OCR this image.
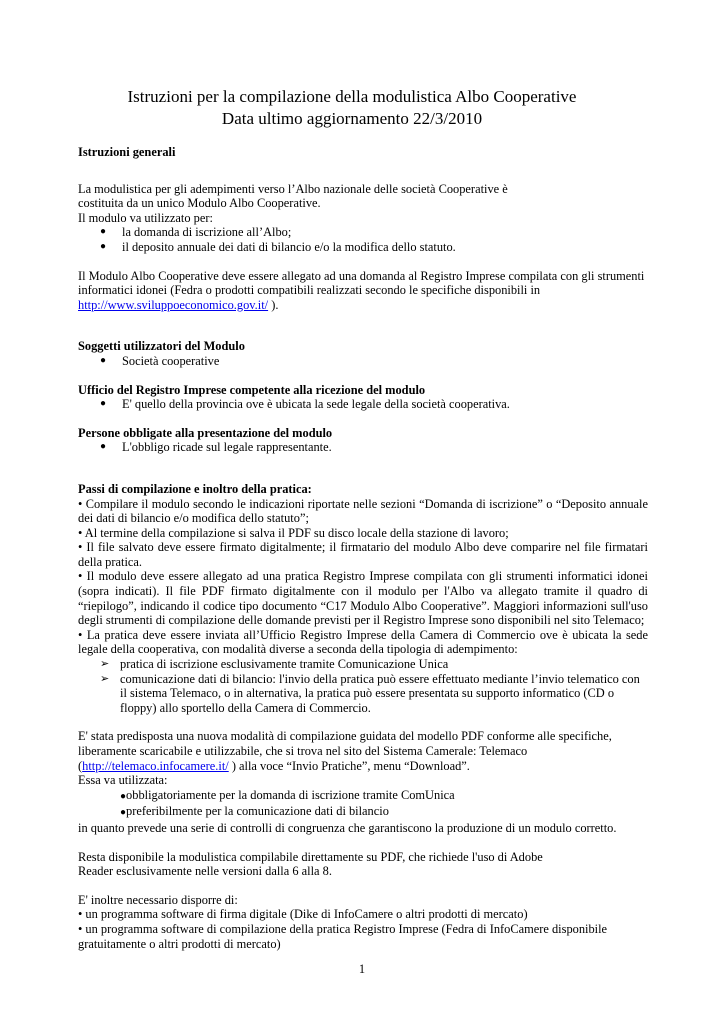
Istruzioni per la compilazione della modulistica Albo Cooperative
Data ultimo aggiornamento 22/3/2010
Istruzioni generali

La modulistica per gli adempimenti verso l’Albo nazionale delle società Cooperative è costituita da un unico Modulo Albo Cooperative.

Il modulo va utilizzato per:

● la domanda di iscrizione all’Albo;
● il deposito annuale dei dati di bilancio e/o la modifica dello statuto.

Il Modulo Albo Cooperative deve essere allegato ad una domanda al Registro Imprese compilata con gli strumenti informatici idonei (Fedra o prodotti compatibili realizzati secondo le specifiche disponibili in http://www.sviluppoeconomico.gov.it/ ).

Soggetti utilizzatori del Modulo
● Società cooperative
Ufficio del Registro Imprese competente alla ricezione del modulo
● E' quello della provincia ove è ubicata la sede legale della società cooperativa.
Persone obbligate alla presentazione del modulo
● L'obbligo ricade sul legale rappresentante.
Passi di compilazione e inoltro della pratica:

• Compilare il modulo secondo le indicazioni riportate nelle sezioni “Domanda di iscrizione” o “Deposito annuale dei dati di bilancio e/o modifica dello statuto”;

• Al termine della compilazione si salva il PDF su disco locale della stazione di lavoro;

• Il file salvato deve essere firmato digitalmente; il firmatario del modulo Albo deve comparire nel file firmatari della pratica.

• Il modulo deve essere allegato ad una pratica Registro Imprese compilata con gli strumenti informatici idonei (sopra indicati). Il file PDF firmato digitalmente con il modulo per l'Albo va allegato tramite il quadro di “riepilogo”, indicando il codice tipo documento “C17 Modulo Albo Cooperative”. Maggiori informazioni sull'uso degli strumenti di compilazione delle domande previsti per il Registro Imprese sono disponibili nel sito Telemaco;

• La pratica deve essere inviata all’Ufficio Registro Imprese della Camera di Commercio ove è ubicata la sede legale della cooperativa, con modalità diverse a seconda della tipologia di adempimento:

➢ pratica di iscrizione esclusivamente tramite Comunicazione Unica
➢ comunicazione dati di bilancio: l'invio della pratica può essere effettuato mediante l’invio telematico con il sistema Telemaco, o in alternativa, la pratica può essere presentata su supporto informatico (CD o floppy) allo sportello della Camera di Commercio.

E' stata predisposta una nuova modalità di compilazione guidata del modello PDF conforme alle specifiche, liberamente scaricabile e utilizzabile, che si trova nel sito del Sistema Camerale: Telemaco (http://telemaco.infocamere.it/ ) alla voce “Invio Pratiche”, menu “Download”.

Essa va utilizzata:

● obbligatoriamente per la domanda di iscrizione tramite ComUnica
● preferibilmente per la comunicazione dati di bilancio

in quanto prevede una serie di controlli di congruenza che garantiscono la produzione di un modulo corretto.

Resta disponibile la modulistica compilabile direttamente su PDF, che richiede l'uso di Adobe Reader esclusivamente nelle versioni dalla 6 alla 8.

E' inoltre necessario disporre di:

• un programma software di firma digitale (Dike di InfoCamere o altri prodotti di mercato)

• un programma software di compilazione della pratica Registro Imprese (Fedra di InfoCamere disponibile gratuitamente o altri prodotti di mercato)

1
